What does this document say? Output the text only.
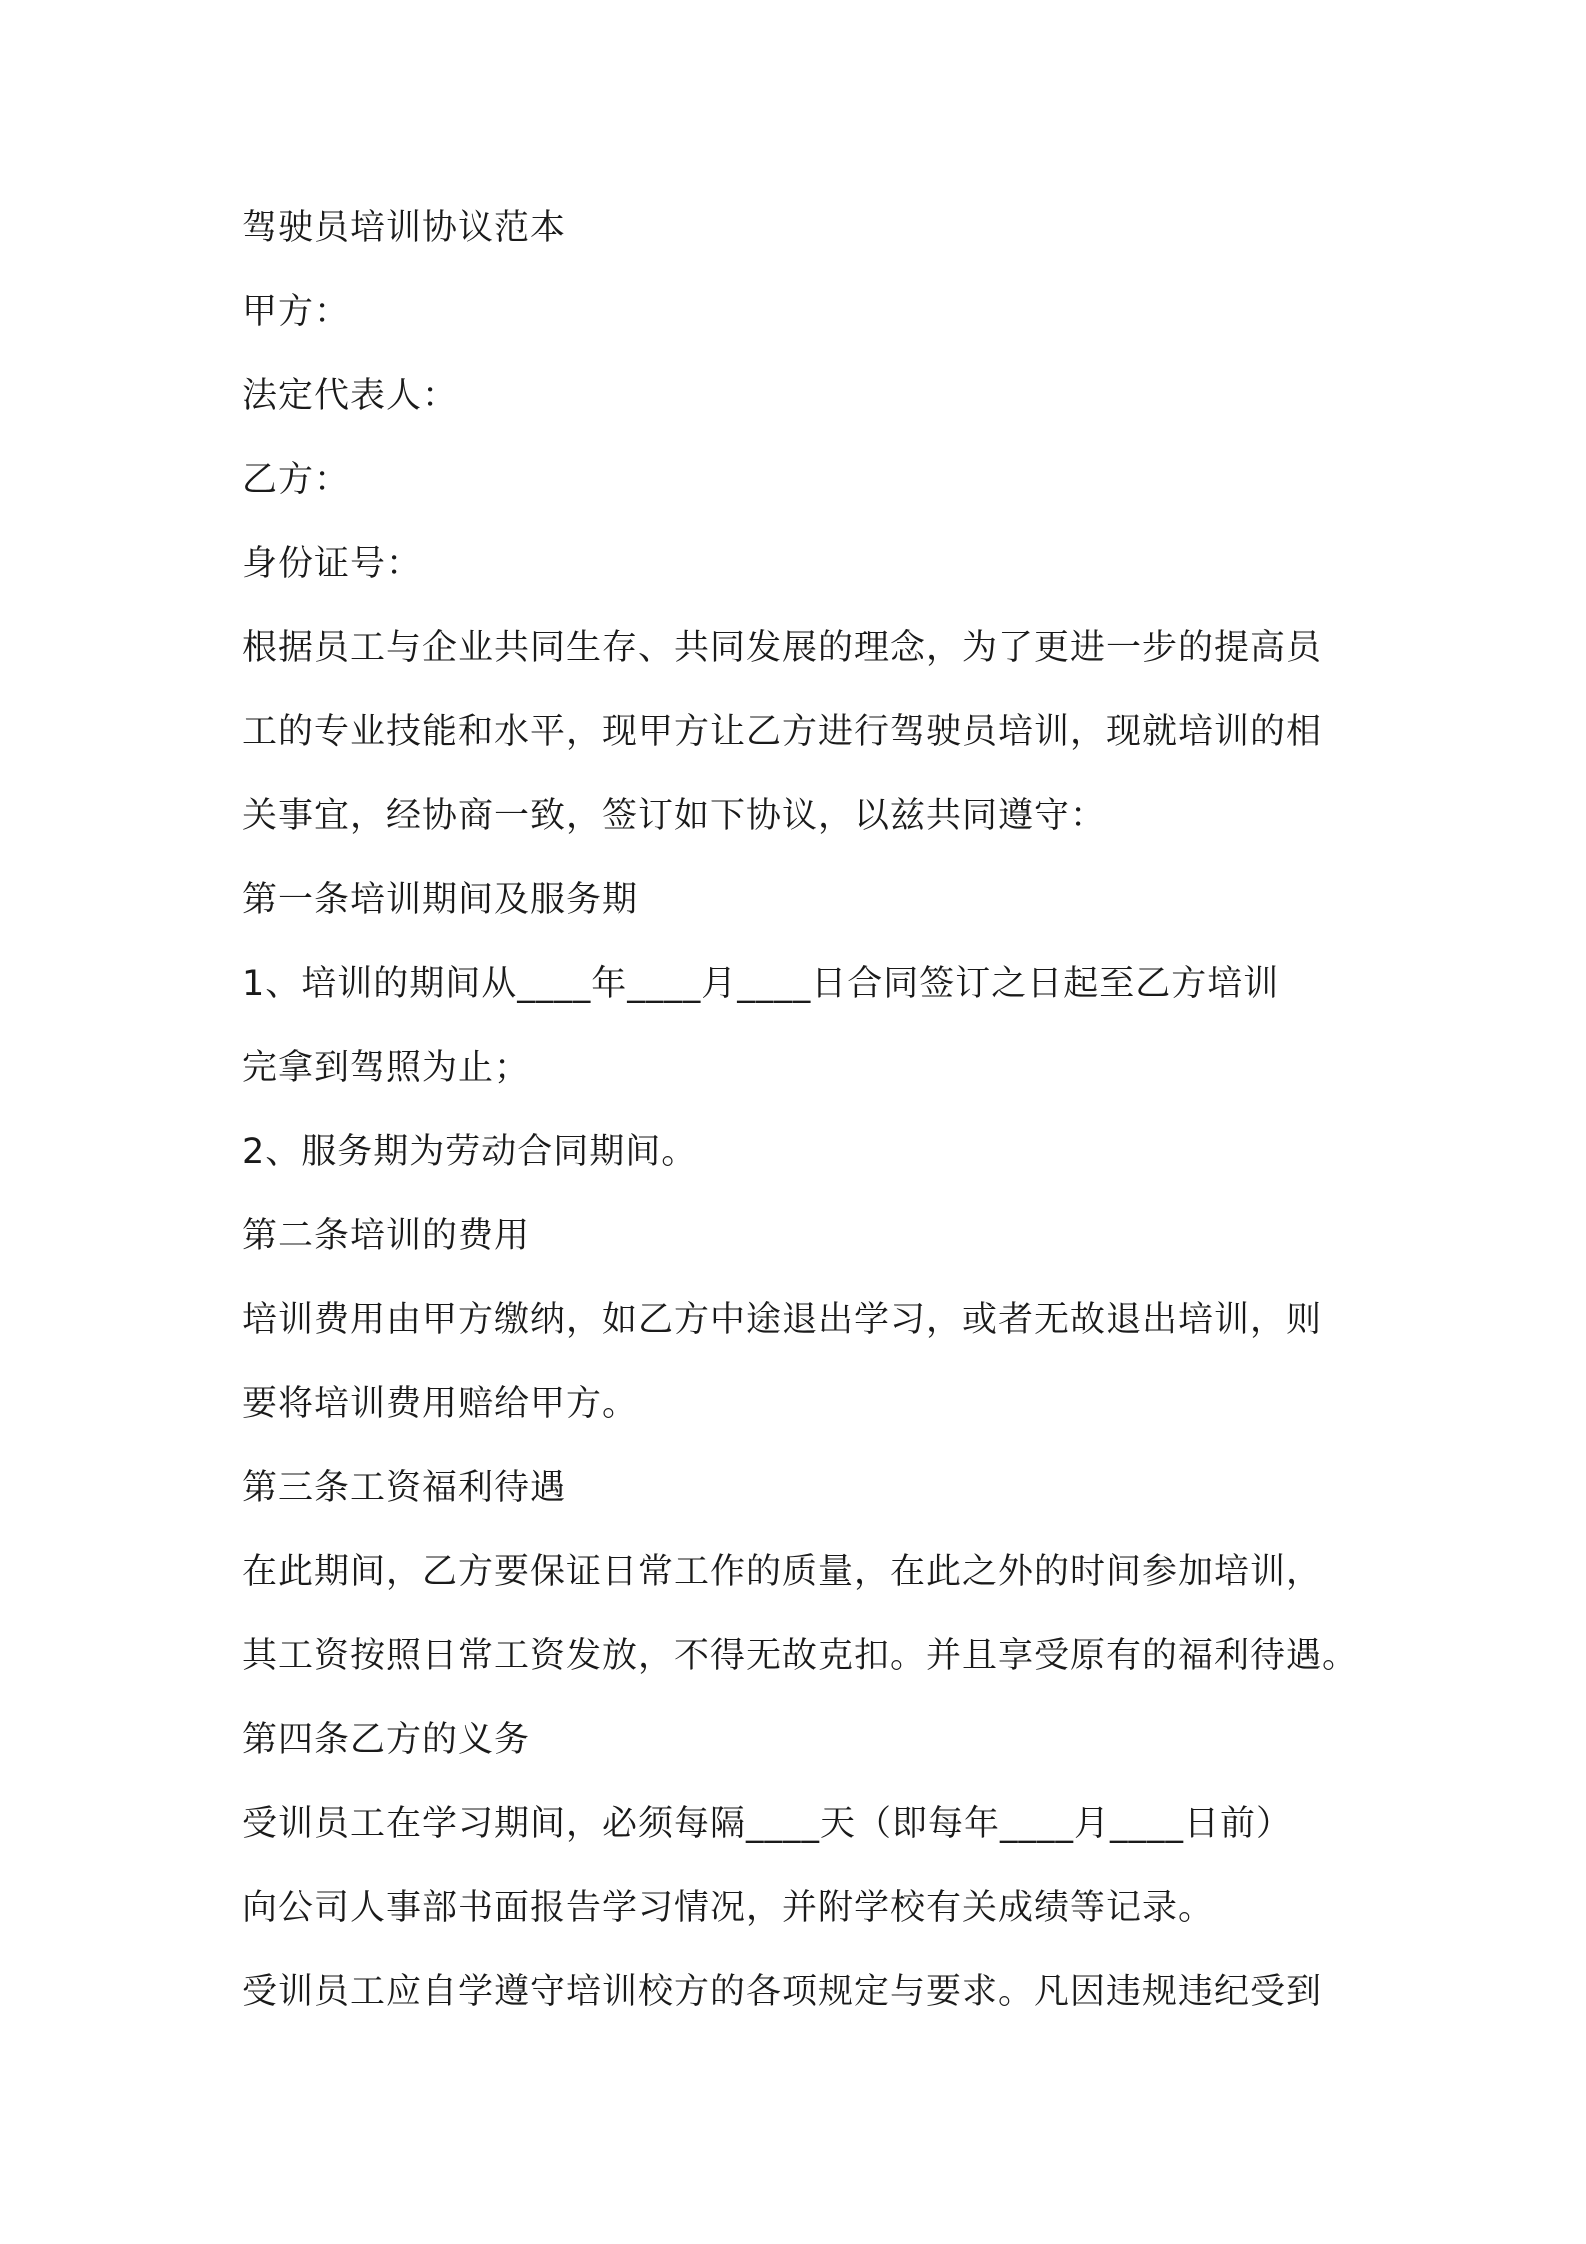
驾驶员培训协议范本
甲方：
法定代表人：
乙方：
身份证号：
根据员工与企业共同生存、共同发展的理念，为了更进一步的提高员
工的专业技能和水平，现甲方让乙方进行驾驶员培训，现就培训的相
关事宜，经协商一致，签订如下协议，以兹共同遵守：
第一条培训期间及服务期
1、培训的期间从____年____月____日合同签订之日起至乙方培训
完拿到驾照为止；
2、服务期为劳动合同期间。
第二条培训的费用
培训费用由甲方缴纳，如乙方中途退出学习，或者无故退出培训，则
要将培训费用赔给甲方。
第三条工资福利待遇
在此期间，乙方要保证日常工作的质量，在此之外的时间参加培训，
其工资按照日常工资发放，不得无故克扣。并且享受原有的福利待遇。
第四条乙方的义务
受训员工在学习期间，必须每隔____天（即每年____月____日前）
向公司人事部书面报告学习情况，并附学校有关成绩等记录。
受训员工应自学遵守培训校方的各项规定与要求。凡因违规违纪受到
